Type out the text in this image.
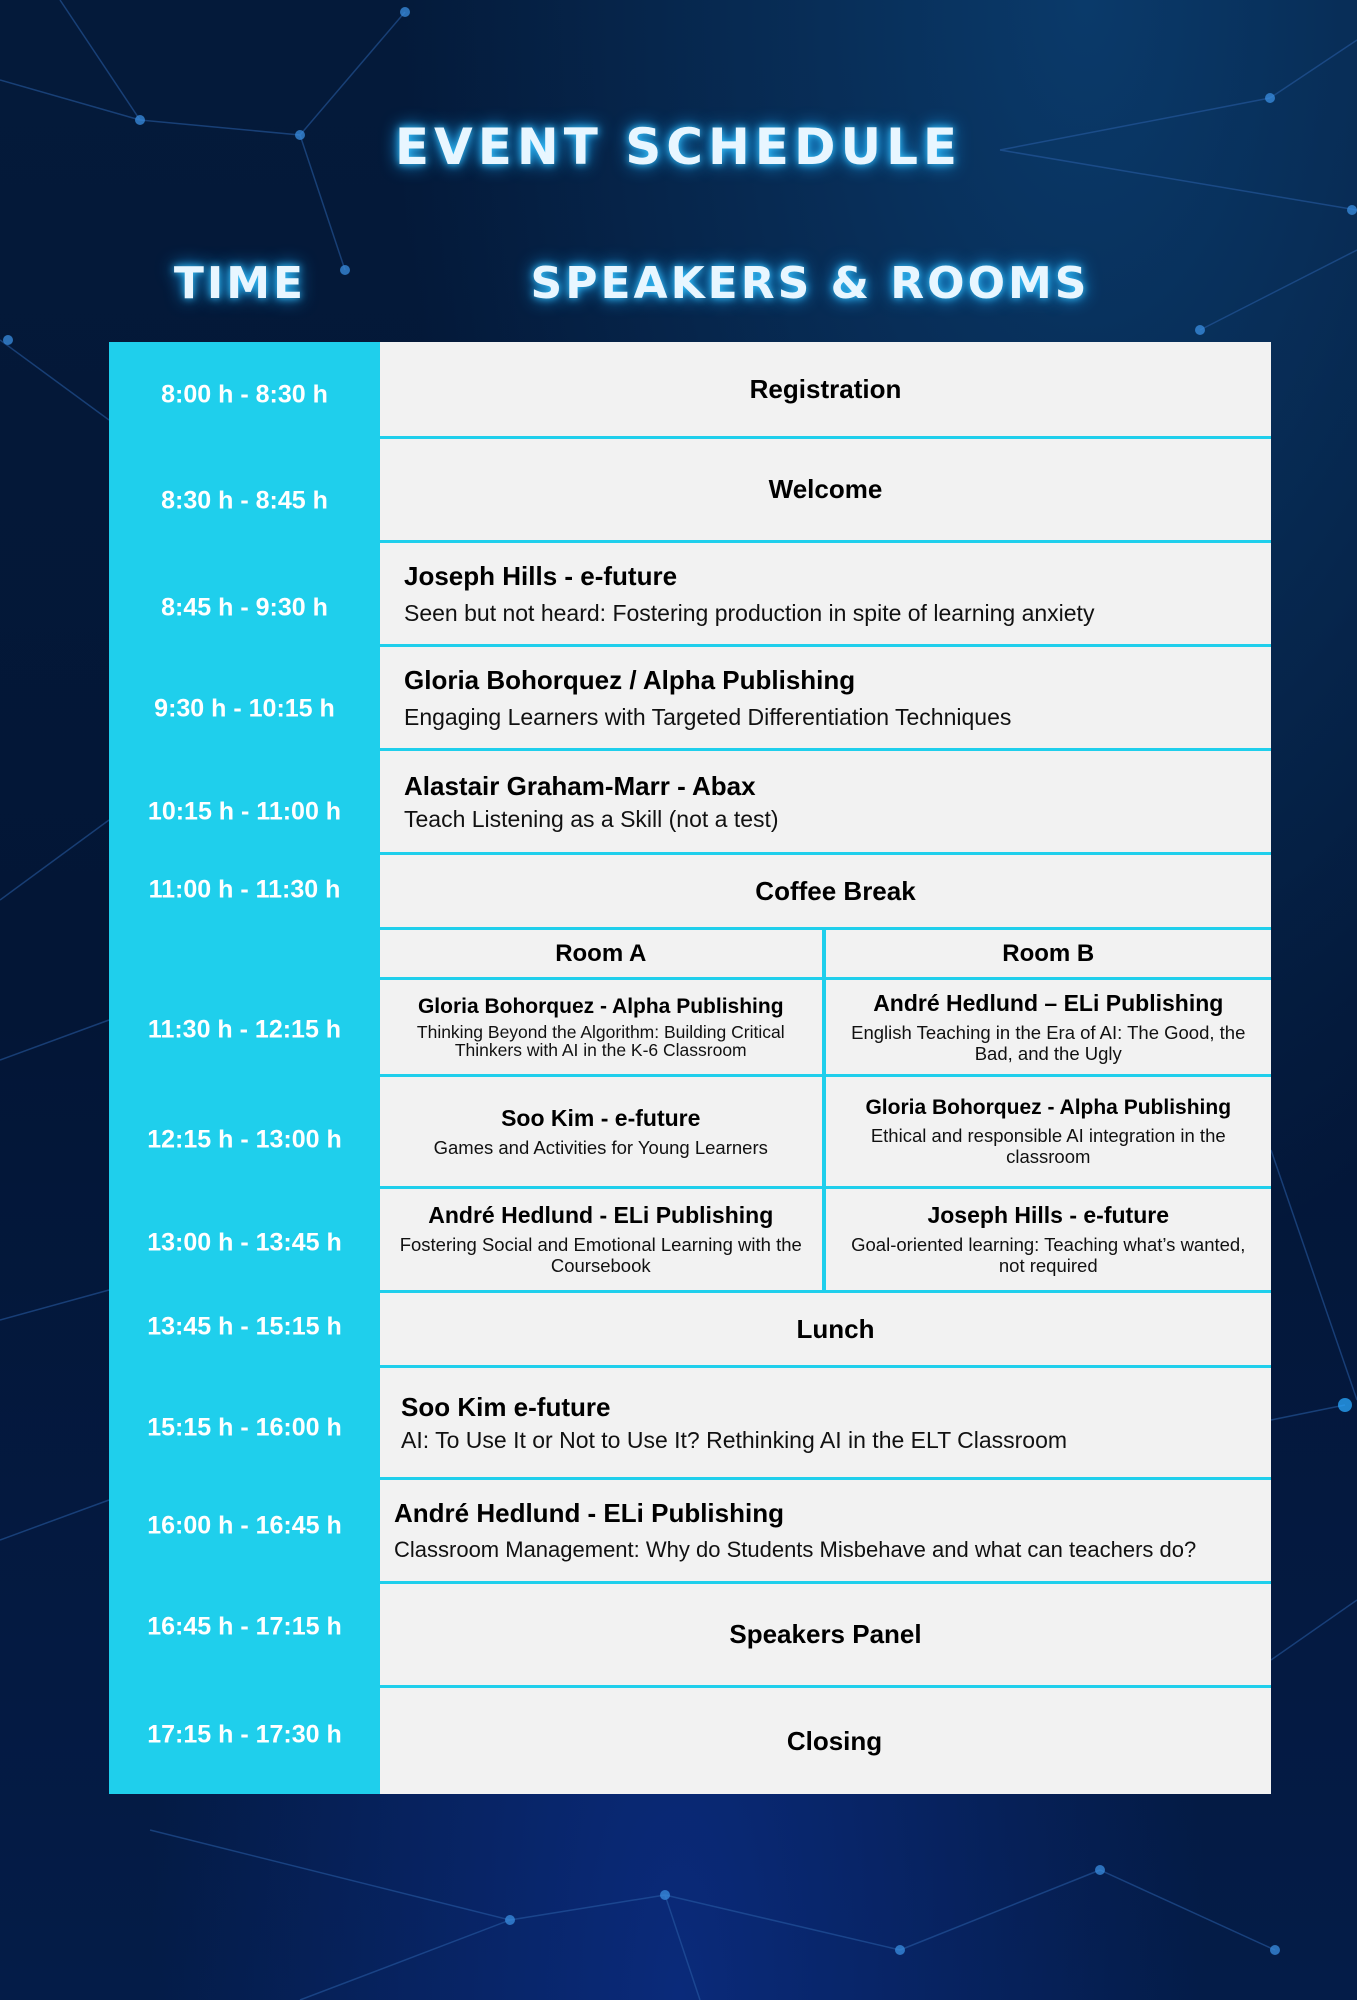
EVENT SCHEDULE
TIME	SPEAKERS & ROOMS
8:00 h - 8:30 h
8:30 h - 8:45 h
8:45 h - 9:30 h
9:30 h - 10:15 h
10:15 h - 11:00 h
11:00 h - 11:30 h
11:30 h - 12:15 h
12:15 h - 13:00 h
13:00 h - 13:45 h
13:45 h - 15:15 h
15:15 h - 16:00 h
16:00 h - 16:45 h
16:45 h - 17:15 h
17:15 h - 17:30 h
Registration
Welcome
Joseph Hills - e-future
Seen but not heard: Fostering production in spite of learning anxiety
Gloria Bohorquez / Alpha Publishing
Engaging Learners with Targeted Differentiation Techniques
Alastair Graham-Marr - Abax
Teach Listening as a Skill (not a test)
Coffee Break
Room A	Room B
Gloria Bohorquez - Alpha Publishing
Thinking Beyond the Algorithm: Building Critical Thinkers with AI in the K-6 Classroom
André Hedlund – ELi Publishing
English Teaching in the Era of AI: The Good, the Bad, and the Ugly
Soo Kim - e-future
Games and Activities for Young Learners
Gloria Bohorquez - Alpha Publishing
Ethical and responsible AI integration in the classroom
André Hedlund - ELi Publishing
Fostering Social and Emotional Learning with the Coursebook
Joseph Hills - e-future
Goal-oriented learning: Teaching what’s wanted, not required
Lunch
Soo Kim e-future
AI: To Use It or Not to Use It? Rethinking AI in the ELT Classroom
André Hedlund - ELi Publishing
Classroom Management: Why do Students Misbehave and what can teachers do?
Speakers Panel
Closing
